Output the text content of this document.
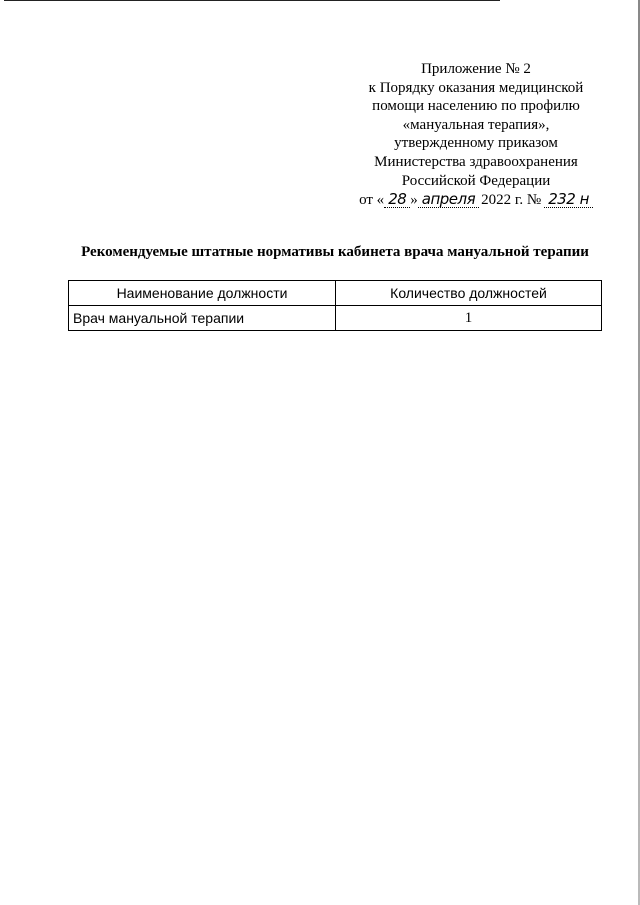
Приложение № 2
к Порядку оказания медицинской
помощи населению по профилю
«мануальная терапия»,
утвержденному приказом
Министерства здравоохранения
Российской Федерации
от « 28 » апреля 2022 г. № 232 н
Рекомендуемые штатные нормативы кабинета врача мануальной терапии
Наименование должности	Количество должностей
Врач мануальной терапии	1
